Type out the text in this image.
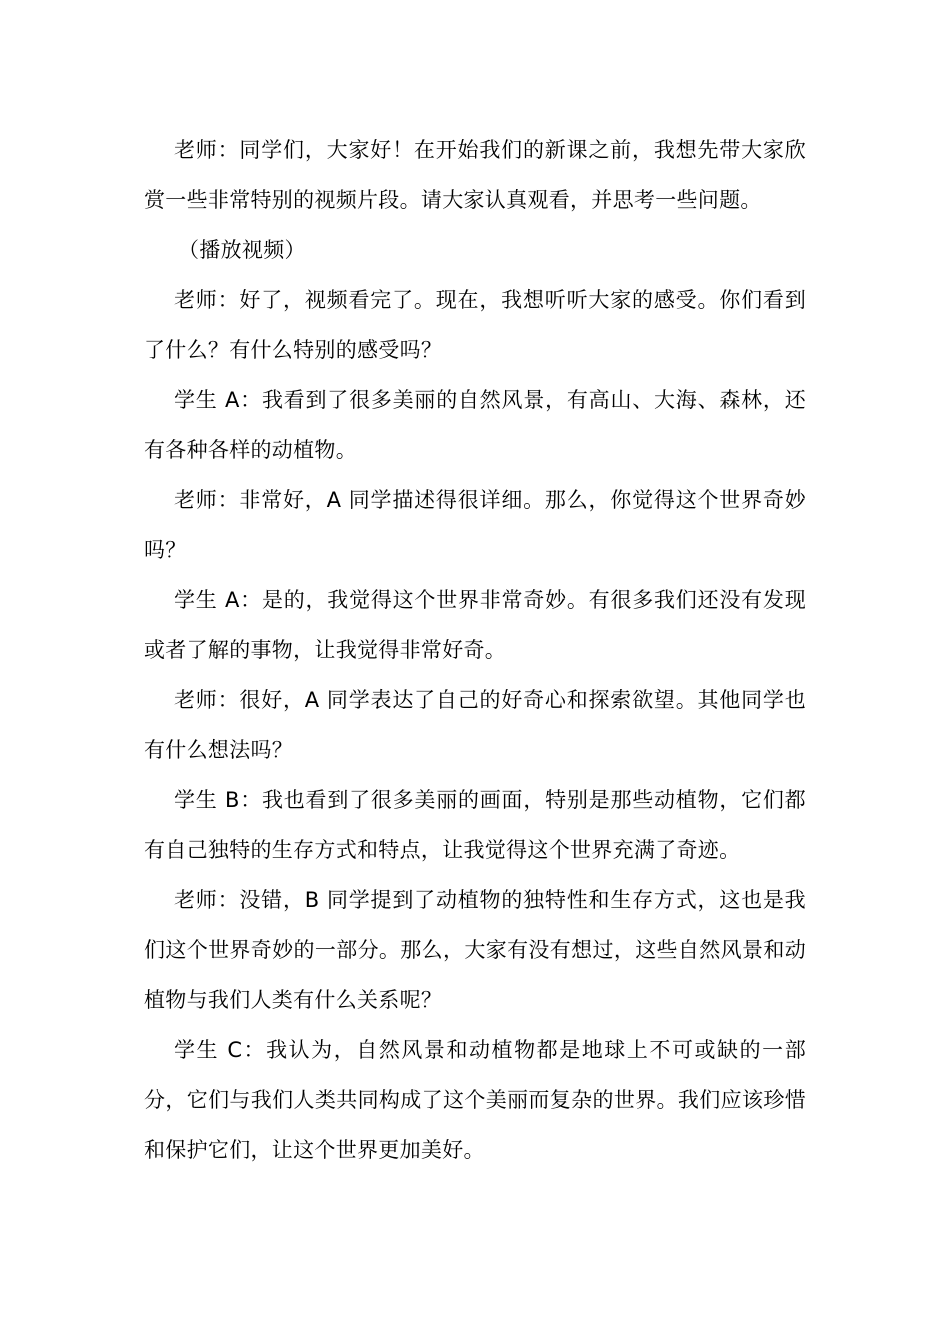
老师：同学们，大家好！在开始我们的新课之前，我想先带大家欣赏一些非常特别的视频片段。请大家认真观看，并思考一些问题。

（播放视频）

老师：好了，视频看完了。现在，我想听听大家的感受。你们看到了什么？有什么特别的感受吗？

学生 A：我看到了很多美丽的自然风景，有高山、大海、森林，还有各种各样的动植物。

老师：非常好，A 同学描述得很详细。那么，你觉得这个世界奇妙吗？

学生 A：是的，我觉得这个世界非常奇妙。有很多我们还没有发现或者了解的事物，让我觉得非常好奇。

老师：很好，A 同学表达了自己的好奇心和探索欲望。其他同学也有什么想法吗？

学生 B：我也看到了很多美丽的画面，特别是那些动植物，它们都有自己独特的生存方式和特点，让我觉得这个世界充满了奇迹。

老师：没错，B 同学提到了动植物的独特性和生存方式，这也是我们这个世界奇妙的一部分。那么，大家有没有想过，这些自然风景和动植物与我们人类有什么关系呢？

学生 C：我认为，自然风景和动植物都是地球上不可或缺的一部分，它们与我们人类共同构成了这个美丽而复杂的世界。我们应该珍惜和保护它们，让这个世界更加美好。
